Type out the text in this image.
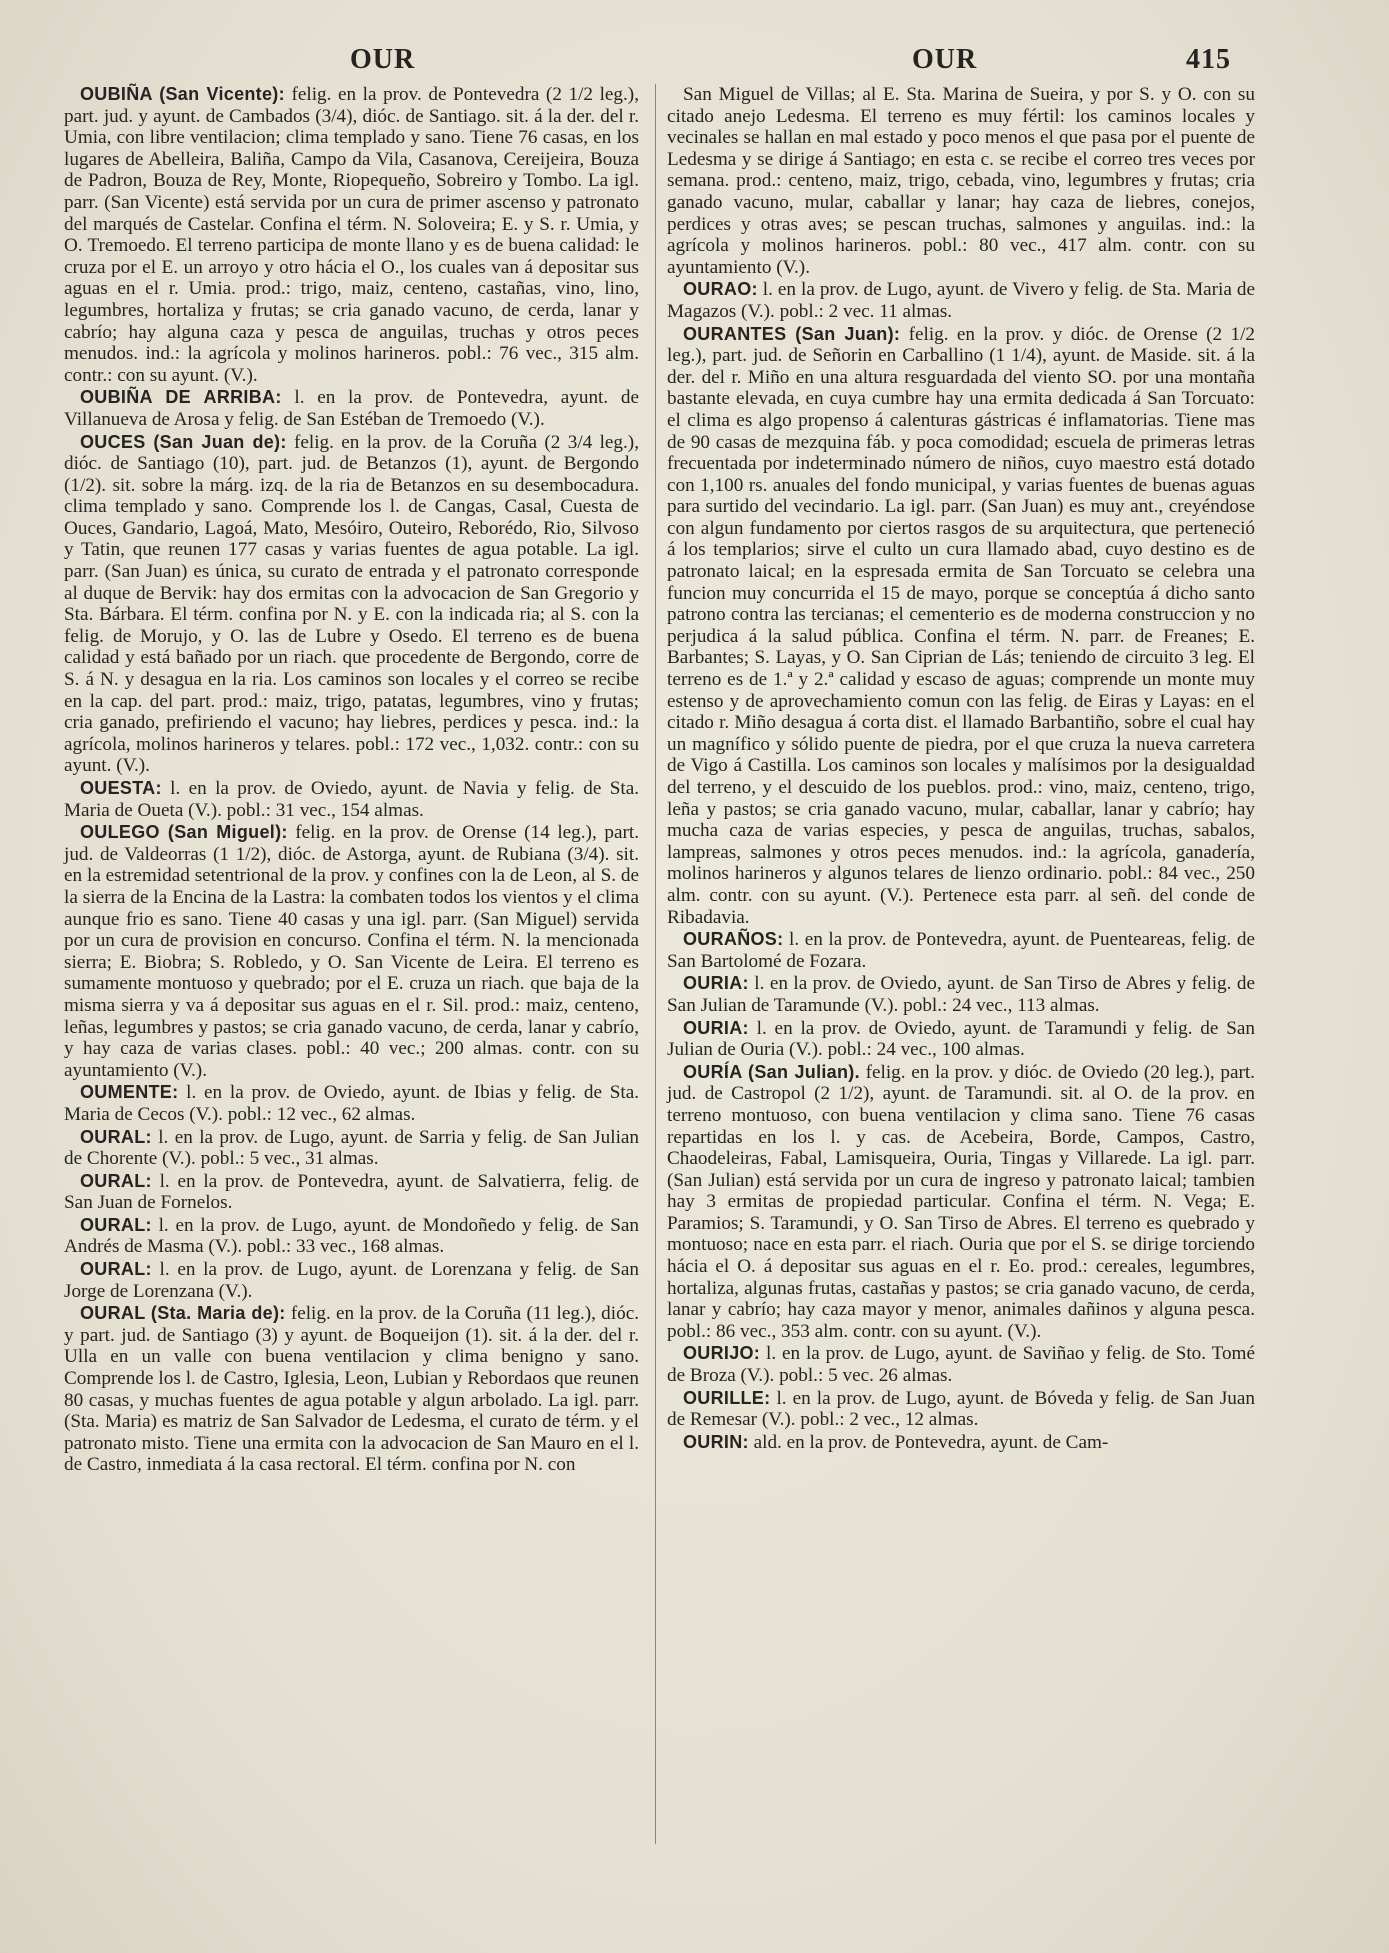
OUR	OUR	415

OUBIÑA (San Vicente): felig. en la prov. de Pontevedra (2 1/2 leg.), part. jud. y ayunt. de Cambados (3/4), dióc. de Santiago. sit. á la der. del r. Umia, con libre ventilacion; clima templado y sano. Tiene 76 casas, en los lugares de Abelleira, Baliña, Campo da Vila, Casanova, Cereijeira, Bouza de Padron, Bouza de Rey, Monte, Riopequeño, Sobreiro y Tombo. La igl. parr. (San Vicente) está servida por un cura de primer ascenso y patronato del marqués de Castelar. Confina el térm. N. Soloveira; E. y S. r. Umia, y O. Tremoedo. El terreno participa de monte llano y es de buena calidad: le cruza por el E. un arroyo y otro hácia el O., los cuales van á depositar sus aguas en el r. Umia. prod.: trigo, maiz, centeno, castañas, vino, lino, legumbres, hortaliza y frutas; se cria ganado vacuno, de cerda, lanar y cabrío; hay alguna caza y pesca de anguilas, truchas y otros peces menudos. ind.: la agrícola y molinos harineros. pobl.: 76 vec., 315 alm. contr.: con su ayunt. (V.).

OUBIÑA DE ARRIBA: l. en la prov. de Pontevedra, ayunt. de Villanueva de Arosa y felig. de San Estéban de Tremoedo (V.).

OUCES (San Juan de): felig. en la prov. de la Coruña (2 3/4 leg.), dióc. de Santiago (10), part. jud. de Betanzos (1), ayunt. de Bergondo (1/2). sit. sobre la márg. izq. de la ria de Betanzos en su desembocadura. clima templado y sano. Comprende los l. de Cangas, Casal, Cuesta de Ouces, Gandario, Lagoá, Mato, Mesóiro, Outeiro, Reborédo, Rio, Silvoso y Tatin, que reunen 177 casas y varias fuentes de agua potable. La igl. parr. (San Juan) es única, su curato de entrada y el patronato corresponde al duque de Bervik: hay dos ermitas con la advocacion de San Gregorio y Sta. Bárbara. El térm. confina por N. y E. con la indicada ria; al S. con la felig. de Morujo, y O. las de Lubre y Osedo. El terreno es de buena calidad y está bañado por un riach. que procedente de Bergondo, corre de S. á N. y desagua en la ria. Los caminos son locales y el correo se recibe en la cap. del part. prod.: maiz, trigo, patatas, legumbres, vino y frutas; cria ganado, prefiriendo el vacuno; hay liebres, perdices y pesca. ind.: la agrícola, molinos harineros y telares. pobl.: 172 vec., 1,032. contr.: con su ayunt. (V.).

OUESTA: l. en la prov. de Oviedo, ayunt. de Navia y felig. de Sta. Maria de Oueta (V.). pobl.: 31 vec., 154 almas.

OULEGO (San Miguel): felig. en la prov. de Orense (14 leg.), part. jud. de Valdeorras (1 1/2), dióc. de Astorga, ayunt. de Rubiana (3/4). sit. en la estremidad setentrional de la prov. y confines con la de Leon, al S. de la sierra de la Encina de la Lastra: la combaten todos los vientos y el clima aunque frio es sano. Tiene 40 casas y una igl. parr. (San Miguel) servida por un cura de provision en concurso. Confina el térm. N. la mencionada sierra; E. Biobra; S. Robledo, y O. San Vicente de Leira. El terreno es sumamente montuoso y quebrado; por el E. cruza un riach. que baja de la misma sierra y va á depositar sus aguas en el r. Sil. prod.: maiz, centeno, leñas, legumbres y pastos; se cria ganado vacuno, de cerda, lanar y cabrío, y hay caza de varias clases. pobl.: 40 vec.; 200 almas. contr. con su ayuntamiento (V.).

OUMENTE: l. en la prov. de Oviedo, ayunt. de Ibias y felig. de Sta. Maria de Cecos (V.). pobl.: 12 vec., 62 almas.

OURAL: l. en la prov. de Lugo, ayunt. de Sarria y felig. de San Julian de Chorente (V.). pobl.: 5 vec., 31 almas.

OURAL: l. en la prov. de Pontevedra, ayunt. de Salvatierra, felig. de San Juan de Fornelos.

OURAL: l. en la prov. de Lugo, ayunt. de Mondoñedo y felig. de San Andrés de Masma (V.). pobl.: 33 vec., 168 almas.

OURAL: l. en la prov. de Lugo, ayunt. de Lorenzana y felig. de San Jorge de Lorenzana (V.).

OURAL (Sta. Maria de): felig. en la prov. de la Coruña (11 leg.), dióc. y part. jud. de Santiago (3) y ayunt. de Boqueijon (1). sit. á la der. del r. Ulla en un valle con buena ventilacion y clima benigno y sano. Comprende los l. de Castro, Iglesia, Leon, Lubian y Rebordaos que reunen 80 casas, y muchas fuentes de agua potable y algun arbolado. La igl. parr. (Sta. Maria) es matriz de San Salvador de Ledesma, el curato de térm. y el patronato misto. Tiene una ermita con la advocacion de San Mauro en el l. de Castro, inmediata á la casa rectoral. El térm. confina por N. con

San Miguel de Villas; al E. Sta. Marina de Sueira, y por S. y O. con su citado anejo Ledesma. El terreno es muy fértil: los caminos locales y vecinales se hallan en mal estado y poco menos el que pasa por el puente de Ledesma y se dirige á Santiago; en esta c. se recibe el correo tres veces por semana. prod.: centeno, maiz, trigo, cebada, vino, legumbres y frutas; cria ganado vacuno, mular, caballar y lanar; hay caza de liebres, conejos, perdices y otras aves; se pescan truchas, salmones y anguilas. ind.: la agrícola y molinos harineros. pobl.: 80 vec., 417 alm. contr. con su ayuntamiento (V.).

OURAO: l. en la prov. de Lugo, ayunt. de Vivero y felig. de Sta. Maria de Magazos (V.). pobl.: 2 vec. 11 almas.

OURANTES (San Juan): felig. en la prov. y dióc. de Orense (2 1/2 leg.), part. jud. de Señorin en Carballino (1 1/4), ayunt. de Maside. sit. á la der. del r. Miño en una altura resguardada del viento SO. por una montaña bastante elevada, en cuya cumbre hay una ermita dedicada á San Torcuato: el clima es algo propenso á calenturas gástricas é inflamatorias. Tiene mas de 90 casas de mezquina fáb. y poca comodidad; escuela de primeras letras frecuentada por indeterminado número de niños, cuyo maestro está dotado con 1,100 rs. anuales del fondo municipal, y varias fuentes de buenas aguas para surtido del vecindario. La igl. parr. (San Juan) es muy ant., creyéndose con algun fundamento por ciertos rasgos de su arquitectura, que perteneció á los templarios; sirve el culto un cura llamado abad, cuyo destino es de patronato laical; en la espresada ermita de San Torcuato se celebra una funcion muy concurrida el 15 de mayo, porque se conceptúa á dicho santo patrono contra las tercianas; el cementerio es de moderna construccion y no perjudica á la salud pública. Confina el térm. N. parr. de Freanes; E. Barbantes; S. Layas, y O. San Ciprian de Lás; teniendo de circuito 3 leg. El terreno es de 1.ª y 2.ª calidad y escaso de aguas; comprende un monte muy estenso y de aprovechamiento comun con las felig. de Eiras y Layas: en el citado r. Miño desagua á corta dist. el llamado Barbantiño, sobre el cual hay un magnífico y sólido puente de piedra, por el que cruza la nueva carretera de Vigo á Castilla. Los caminos son locales y malísimos por la desigualdad del terreno, y el descuido de los pueblos. prod.: vino, maiz, centeno, trigo, leña y pastos; se cria ganado vacuno, mular, caballar, lanar y cabrío; hay mucha caza de varias especies, y pesca de anguilas, truchas, sabalos, lampreas, salmones y otros peces menudos. ind.: la agrícola, ganadería, molinos harineros y algunos telares de lienzo ordinario. pobl.: 84 vec., 250 alm. contr. con su ayunt. (V.). Pertenece esta parr. al señ. del conde de Ribadavia.

OURAÑOS: l. en la prov. de Pontevedra, ayunt. de Puenteareas, felig. de San Bartolomé de Fozara.

OURIA: l. en la prov. de Oviedo, ayunt. de San Tirso de Abres y felig. de San Julian de Taramunde (V.). pobl.: 24 vec., 113 almas.

OURIA: l. en la prov. de Oviedo, ayunt. de Taramundi y felig. de San Julian de Ouria (V.). pobl.: 24 vec., 100 almas.

OURÍA (San Julian). felig. en la prov. y dióc. de Oviedo (20 leg.), part. jud. de Castropol (2 1/2), ayunt. de Taramundi. sit. al O. de la prov. en terreno montuoso, con buena ventilacion y clima sano. Tiene 76 casas repartidas en los l. y cas. de Acebeira, Borde, Campos, Castro, Chaodeleiras, Fabal, Lamisqueira, Ouria, Tingas y Villarede. La igl. parr. (San Julian) está servida por un cura de ingreso y patronato laical; tambien hay 3 ermitas de propiedad particular. Confina el térm. N. Vega; E. Paramios; S. Taramundi, y O. San Tirso de Abres. El terreno es quebrado y montuoso; nace en esta parr. el riach. Ouria que por el S. se dirige torciendo hácia el O. á depositar sus aguas en el r. Eo. prod.: cereales, legumbres, hortaliza, algunas frutas, castañas y pastos; se cria ganado vacuno, de cerda, lanar y cabrío; hay caza mayor y menor, animales dañinos y alguna pesca. pobl.: 86 vec., 353 alm. contr. con su ayunt. (V.).

OURIJO: l. en la prov. de Lugo, ayunt. de Saviñao y felig. de Sto. Tomé de Broza (V.). pobl.: 5 vec. 26 almas.

OURILLE: l. en la prov. de Lugo, ayunt. de Bóveda y felig. de San Juan de Remesar (V.). pobl.: 2 vec., 12 almas.

OURIN: ald. en la prov. de Pontevedra, ayunt. de Cam-
